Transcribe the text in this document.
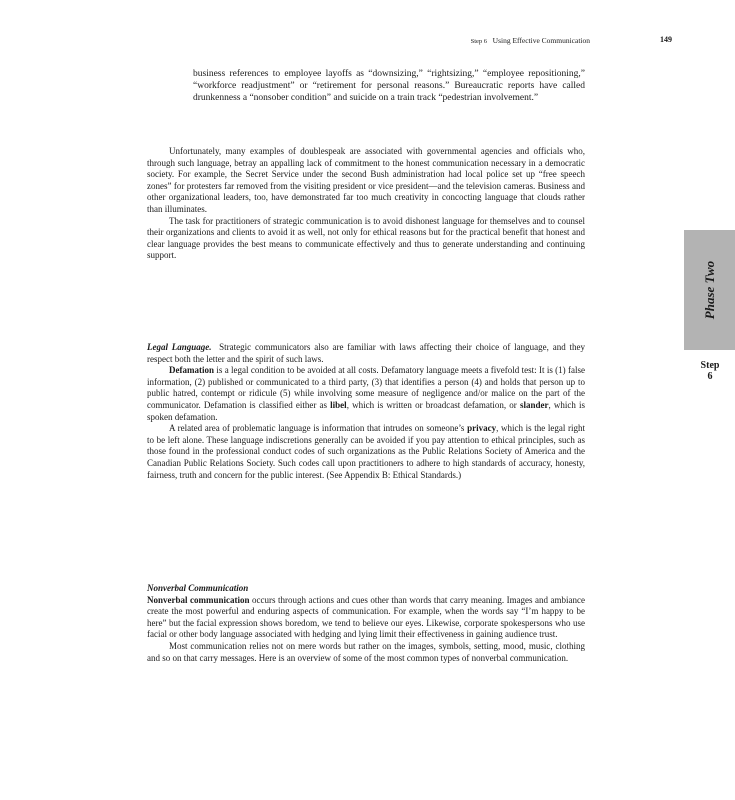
Step 6 Using Effective Communication	149
Phase Two
Step
6

business references to employee layoffs as “downsizing,” “rightsizing,” “employee repositioning,” “workforce readjustment” or “retirement for personal reasons.” Bureaucratic reports have called drunkenness a “nonsober condition” and suicide on a train track “pedestrian involvement.”

Unfortunately, many examples of doublespeak are associated with governmental agencies and officials who, through such language, betray an appalling lack of commitment to the honest communication necessary in a democratic society. For example, the Secret Service under the second Bush administration had local police set up “free speech zones” for protesters far removed from the visiting president or vice president—and the television cameras. Business and other organizational leaders, too, have demonstrated far too much creativity in concocting language that clouds rather than illuminates.

The task for practitioners of strategic communication is to avoid dishonest language for themselves and to counsel their organizations and clients to avoid it as well, not only for ethical reasons but for the practical benefit that honest and clear language provides the best means to communicate effectively and thus to generate understanding and continuing support.

Legal Language. Strategic communicators also are familiar with laws affecting their choice of language, and they respect both the letter and the spirit of such laws.

Defamation is a legal condition to be avoided at all costs. Defamatory language meets a fivefold test: It is (1) false information, (2) published or communicated to a third party, (3) that identifies a person (4) and holds that person up to public hatred, contempt or ridicule (5) while involving some measure of negligence and/or malice on the part of the communicator. Defamation is classified either as libel, which is written or broadcast defamation, or slander, which is spoken defamation.

A related area of problematic language is information that intrudes on someone’s privacy, which is the legal right to be left alone. These language indiscretions generally can be avoided if you pay attention to ethical principles, such as those found in the professional conduct codes of such organizations as the Public Relations Society of America and the Canadian Public Relations Society. Such codes call upon practitioners to adhere to high standards of accuracy, honesty, fairness, truth and concern for the public interest. (See Appendix B: Ethical Standards.)

Nonverbal Communication

Nonverbal communication occurs through actions and cues other than words that carry meaning. Images and ambiance create the most powerful and enduring aspects of communication. For example, when the words say “I’m happy to be here” but the facial expression shows boredom, we tend to believe our eyes. Likewise, corporate spokespersons who use facial or other body language associated with hedging and lying limit their effectiveness in gaining audience trust.

Most communication relies not on mere words but rather on the images, symbols, setting, mood, music, clothing and so on that carry messages. Here is an overview of some of the most common types of nonverbal communication.
